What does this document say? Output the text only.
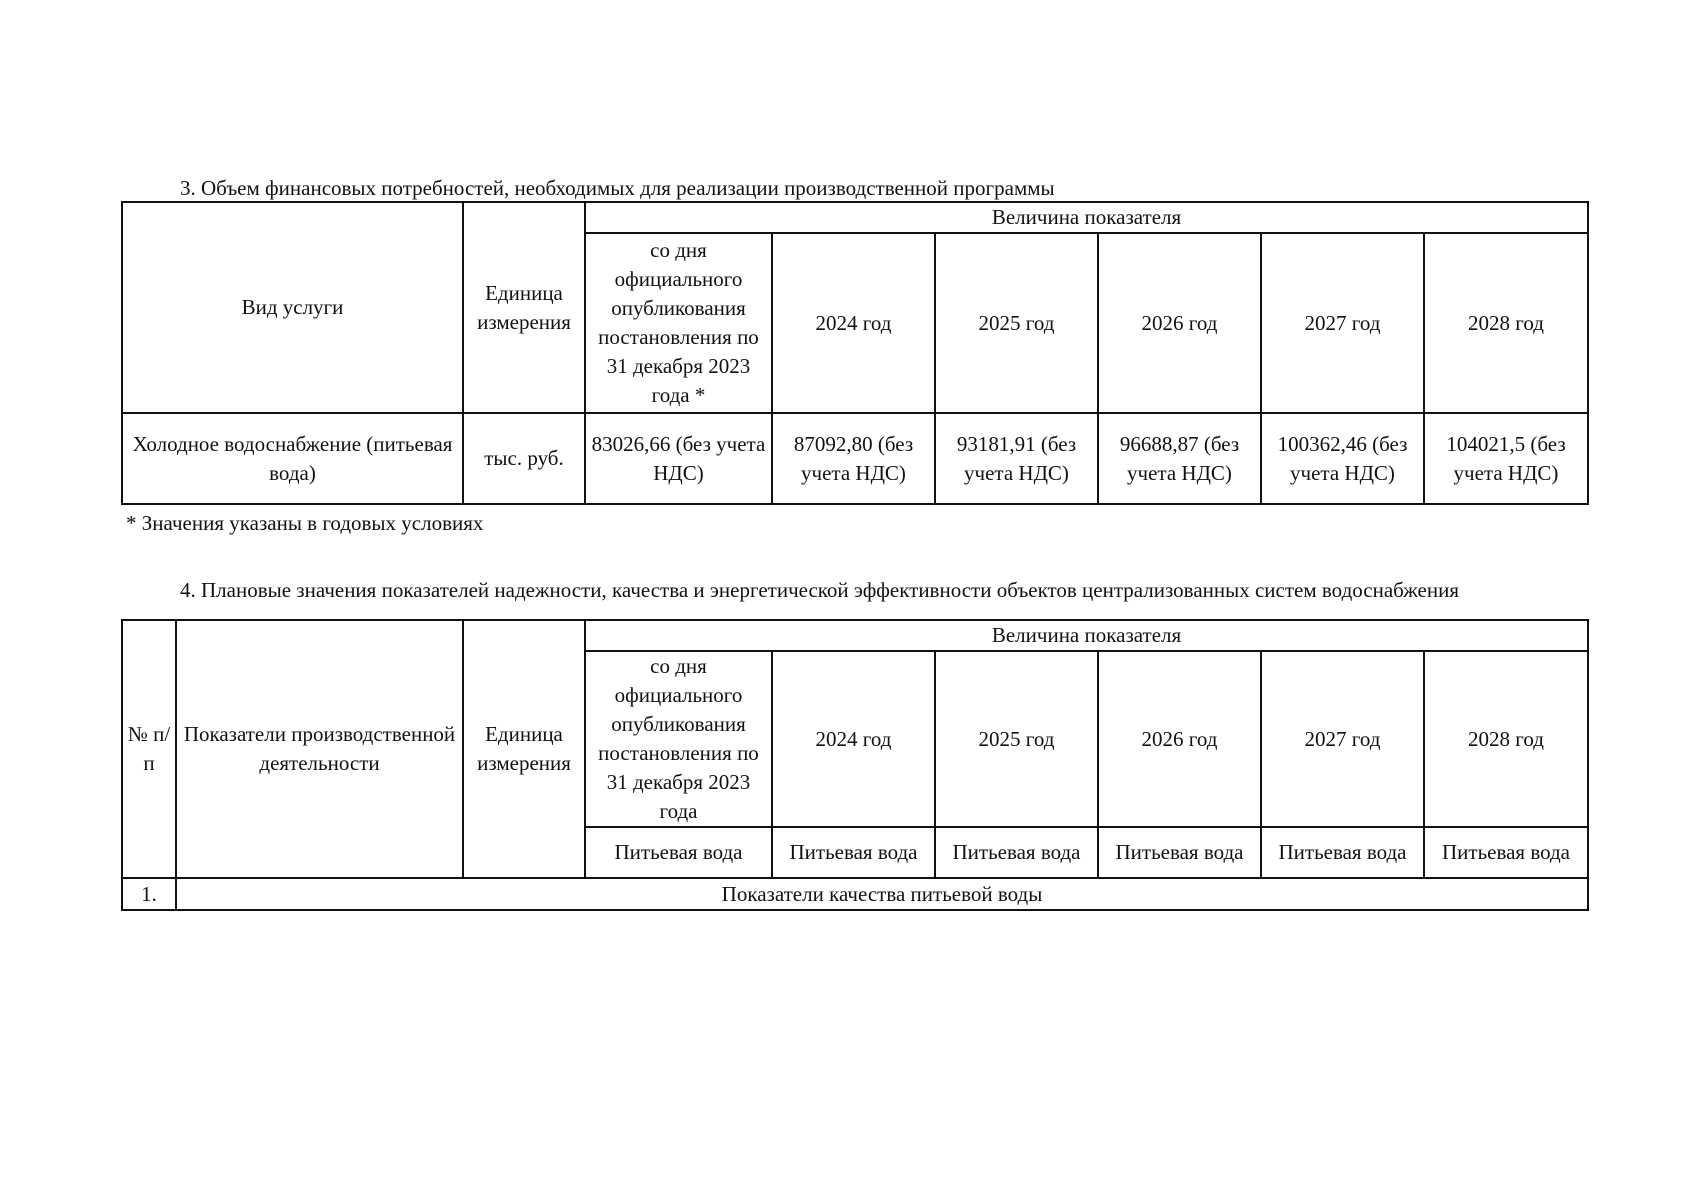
3. Объем финансовых потребностей, необходимых для реализации производственной программы
Вид услуги	Единица измерения	Величина показателя					
		со дня официального опубликования постановления по 31 декабря 2023 года *	2024 год	2025 год	2026 год	2027 год	2028 год
Холодное водоснабжение (питьевая вода)	тыс. руб.	83026,66 (без учета НДС)	87092,80 (без учета НДС)	93181,91 (без учета НДС)	96688,87 (без учета НДС)	100362,46 (без учета НДС)	104021,5 (без учета НДС)
* Значения указаны в годовых условиях
4. Плановые значения показателей надежности, качества и энергетической эффективности объектов централизованных систем водоснабжения
№ п/п	Показатели производственной деятельности	Единица измерения	Величина показателя					
			со дня официального опубликования постановления по 31 декабря 2023 года	2024 год	2025 год	2026 год	2027 год	2028 год
			Питьевая вода	Питьевая вода	Питьевая вода	Питьевая вода	Питьевая вода	Питьевая вода
1.	Показатели качества питьевой воды							
